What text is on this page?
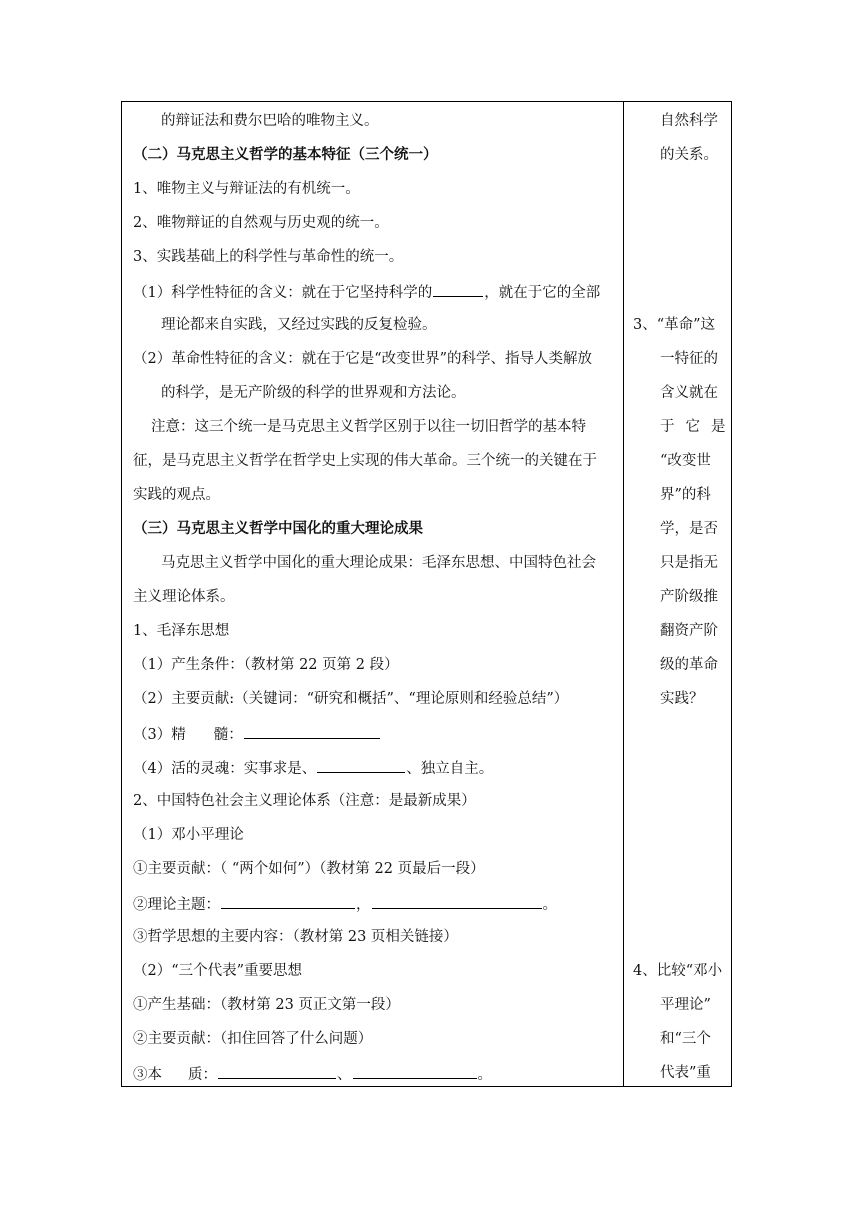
的辩证法和费尔巴哈的唯物主义。
（二）马克思主义哲学的基本特征（三个统一）
1、唯物主义与辩证法的有机统一。
2、唯物辩证的自然观与历史观的统一。
3、实践基础上的科学性与革命性的统一。
（1）科学性特征的含义：就在于它坚持科学的	，就在于它的全部
理论都来自实践，又经过实践的反复检验。
（2）革命性特征的含义：就在于它是“改变世界”的科学、指导人类解放
的科学，是无产阶级的科学的世界观和方法论。
注意：这三个统一是马克思主义哲学区别于以往一切旧哲学的基本特
征，是马克思主义哲学在哲学史上实现的伟大革命。三个统一的关键在于
实践的观点。
（三）马克思主义哲学中国化的重大理论成果
马克思主义哲学中国化的重大理论成果：毛泽东思想、中国特色社会
主义理论体系。
1、毛泽东思想
（1）产生条件：（教材第 22 页第 2 段）
（2）主要贡献:（关键词：“研究和概括”、“理论原则和经验总结”）
（3）精 髓：
（4）活的灵魂：实事求是、	、独立自主。
2、中国特色社会主义理论体系（注意：是最新成果）
（1）邓小平理论
①主要贡献：（ “两个如何”）（教材第 22 页最后一段）
②理论主题：	，	。
③哲学思想的主要内容：（教材第 23 页相关链接）
（2）“三个代表”重要思想
①产生基础：（教材第 23 页正文第一段）
②主要贡献：（扣住回答了什么问题）
③本 质：	、	。
自然科学
的关系。
3、“革命”这
一特征的
含义就在
于它是
“改变世
界”的科
学，是否
只是指无
产阶级推
翻资产阶
级的革命
实践？
4、比较“邓小
平理论”
和“三个
代表”重
